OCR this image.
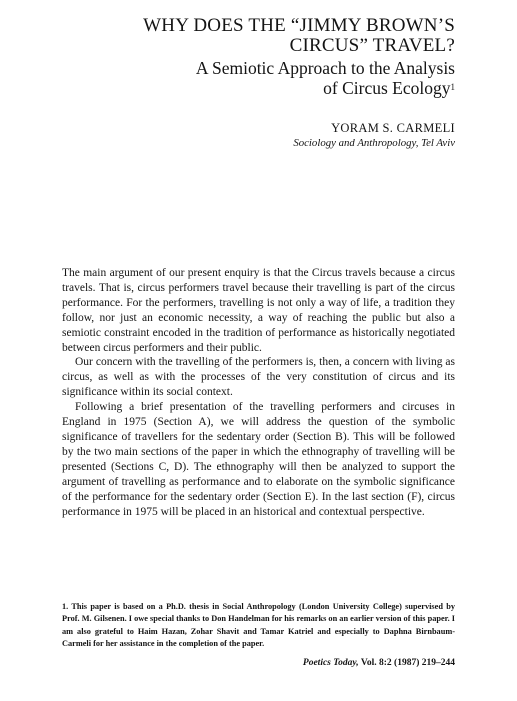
WHY DOES THE “JIMMY BROWN’S
CIRCUS” TRAVEL?
A Semiotic Approach to the Analysis
of Circus Ecology$^1$
YORAM S. CARMELI
Sociology and Anthropology, Tel Aviv

The main argument of our present enquiry is that the Circus travels because a circus travels. That is, circus performers travel because their travelling is part of the circus performance. For the performers, travelling is not only a way of life, a tradition they follow, nor just an economic necessity, a way of reaching the public but also a semiotic constraint encoded in the tradition of performance as historically negotiated between circus performers and their public.

Our concern with the travelling of the performers is, then, a concern with living as circus, as well as with the processes of the very constitution of circus and its significance within its social context.

Following a brief presentation of the travelling performers and circuses in England in 1975 (Section A), we will address the question of the symbolic significance of travellers for the sedentary order (Section B). This will be followed by the two main sections of the paper in which the ethnography of travelling will be presented (Sections C, D). The ethnography will then be analyzed to support the argument of travelling as performance and to elaborate on the symbolic significance of the performance for the sedentary order (Section E). In the last section (F), circus performance in 1975 will be placed in an historical and contextual perspective.

1. This paper is based on a Ph.D. thesis in Social Anthropology (London University College) supervised by Prof. M. Gilsenen. I owe special thanks to Don Handelman for his remarks on an earlier version of this paper. I am also grateful to Haim Hazan, Zohar Shavit and Tamar Katriel and especially to Daphna Birnbaum-Carmeli for her assistance in the completion of the paper.

Poetics Today, Vol. 8:2 (1987) 219–244
